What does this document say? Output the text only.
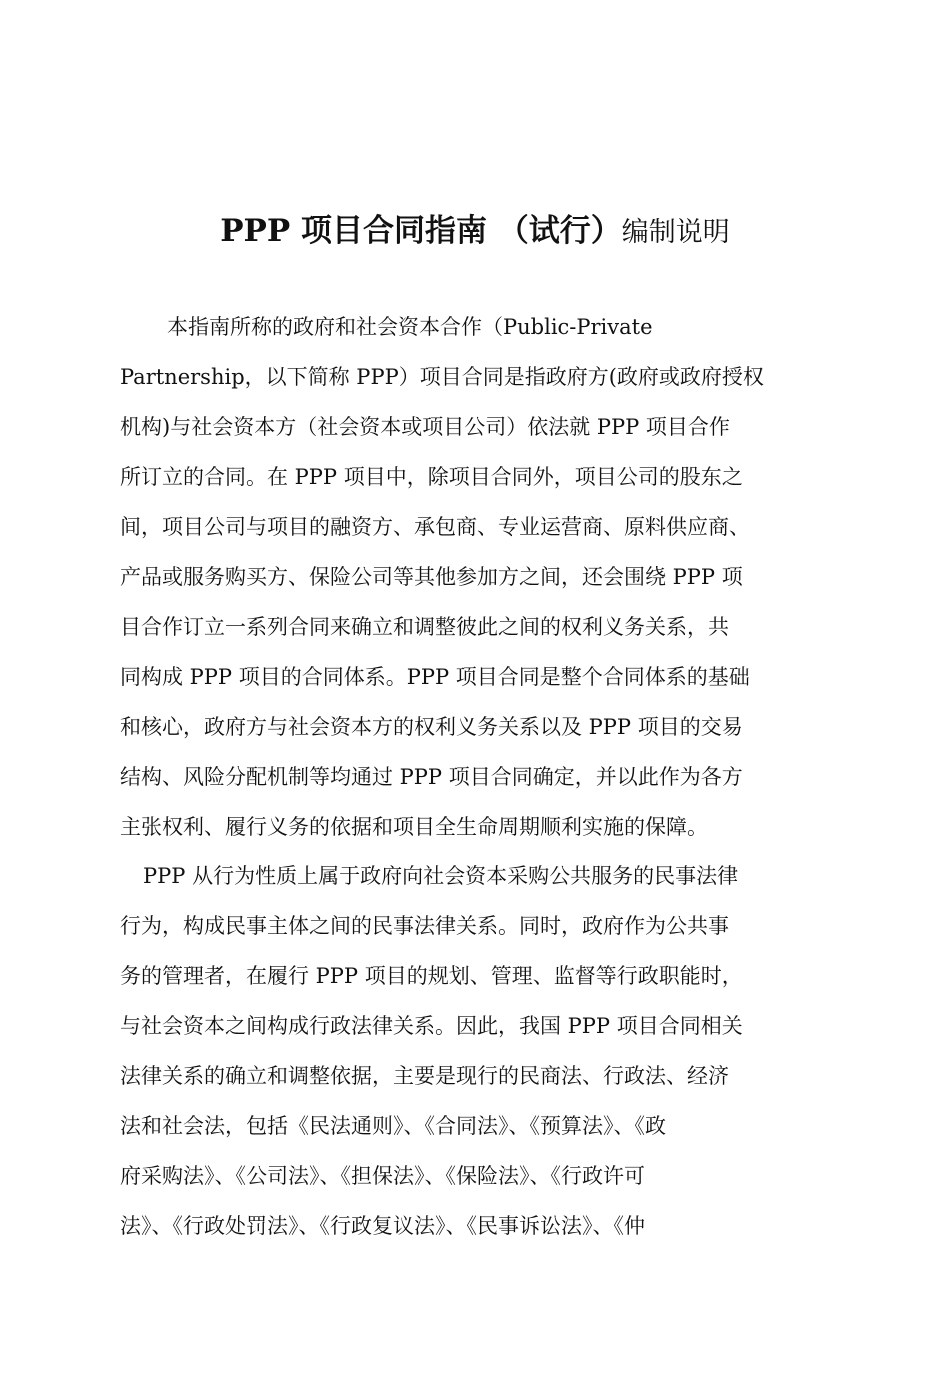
PPP 项目合同指南 （试行）编制说明
本指南所称的政府和社会资本合作（Public-Private
Partnership，以下简称 PPP）项目合同是指政府方(政府或政府授权
机构)与社会资本方（社会资本或项目公司）依法就 PPP 项目合作
所订立的合同。在 PPP 项目中，除项目合同外，项目公司的股东之
间，项目公司与项目的融资方、承包商、专业运营商、原料供应商、
产品或服务购买方、保险公司等其他参加方之间，还会围绕 PPP 项
目合作订立一系列合同来确立和调整彼此之间的权利义务关系，共
同构成 PPP 项目的合同体系。PPP 项目合同是整个合同体系的基础
和核心，政府方与社会资本方的权利义务关系以及 PPP 项目的交易
结构、风险分配机制等均通过 PPP 项目合同确定，并以此作为各方
主张权利、履行义务的依据和项目全生命周期顺利实施的保障。
PPP 从行为性质上属于政府向社会资本采购公共服务的民事法律
行为，构成民事主体之间的民事法律关系。同时，政府作为公共事
务的管理者，在履行 PPP 项目的规划、管理、监督等行政职能时，
与社会资本之间构成行政法律关系。因此，我国 PPP 项目合同相关
法律关系的确立和调整依据，主要是现行的民商法、行政法、经济
法和社会法，包括《民法通则》、《合同法》、《预算法》、《政
府采购法》、《公司法》、《担保法》、《保险法》、《行政许可
法》、《行政处罚法》、《行政复议法》、《民事诉讼法》、《仲
